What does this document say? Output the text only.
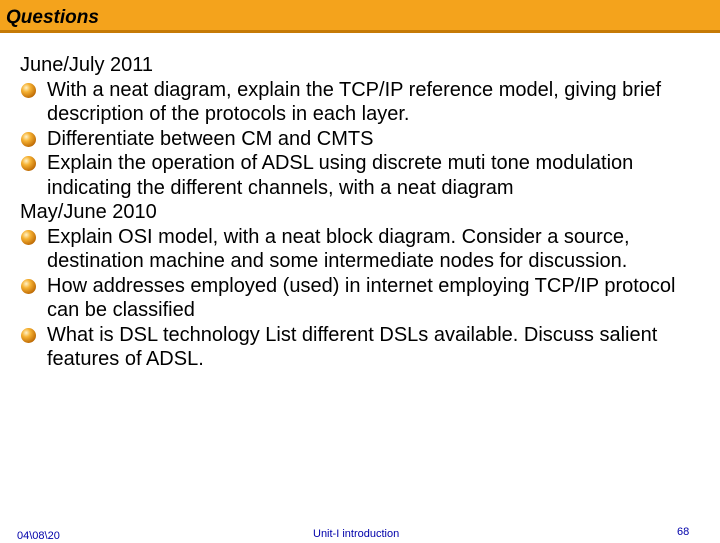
Questions
June/July 2011
With a neat diagram, explain the TCP/IP reference model, giving brief description of the protocols in each layer.
Differentiate between CM and CMTS
Explain the operation of ADSL using discrete muti tone modulation indicating the different channels, with a neat diagram
May/June 2010
Explain OSI model, with a neat block diagram. Consider a source, destination machine and some intermediate nodes for discussion.
How addresses employed (used) in internet employing TCP/IP protocol can be classified
What is DSL technology List different DSLs available. Discuss salient features of ADSL.
04\08\20	Unit-I introduction	68
